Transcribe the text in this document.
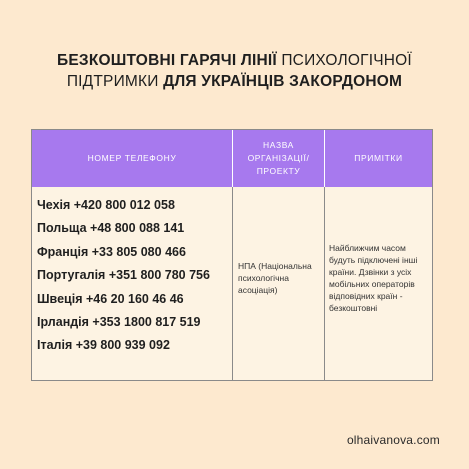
БЕЗКОШТОВНІ ГАРЯЧІ ЛІНІЇ ПСИХОЛОГІЧНОЇ
ПІДТРИМКИ ДЛЯ УКРАЇНЦІВ ЗАКОРДОНОМ
НОМЕР ТЕЛЕФОНУ
НАЗВА ОРГАНІЗАЦІЇ/ ПРОЕКТУ
ПРИМІТКИ
Чехія +420 800 012 058
Польща +48 800 088 141
Франція +33 805 080 466
Португалія +351 800 780 756
Швеція +46 20 160 46 46
Ірландія +353 1800 817 519
Італія +39 800 939 092
НПА (Національна психологічна асоціація)
Найближчим часом будуть підключені інші країни. Дзвінки з усіх мобільних операторів відповідних країн - безкоштовні
olhaivanova.com
